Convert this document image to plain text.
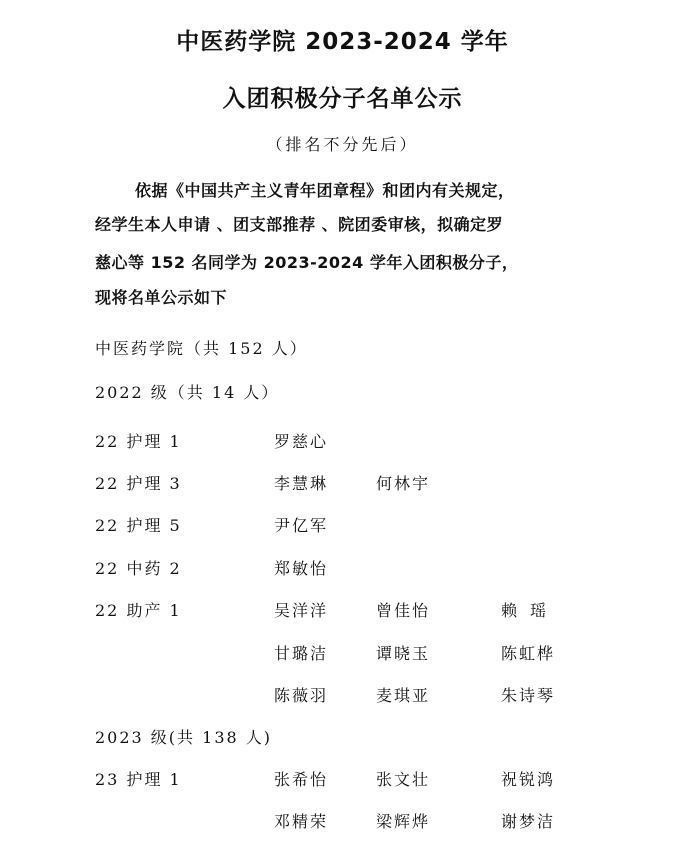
中医药学院 2023-2024 学年
入团积极分子名单公示
（排名不分先后）
依据《中国共产主义青年团章程》和团内有关规定，
经学生本人申请 、团支部推荐 、院团委审核，拟确定罗
慈心等 152 名同学为 2023-2024 学年入团积极分子，
现将名单公示如下
中医药学院（共 152 人）
2022 级（共 14 人）
22 护理 1	罗慈心
22 护理 3	李慧琳	何林宇
22 护理 5	尹亿军
22 中药 2	郑敏怡
22 助产 1	吴洋洋	曾佳怡	赖瑶
甘璐洁	谭晓玉	陈虹桦
陈薇羽	麦琪亚	朱诗琴
2023 级(共 138 人)
23 护理 1	张希怡	张文壮	祝锐鸿
邓精荣	梁辉烨	谢梦洁
